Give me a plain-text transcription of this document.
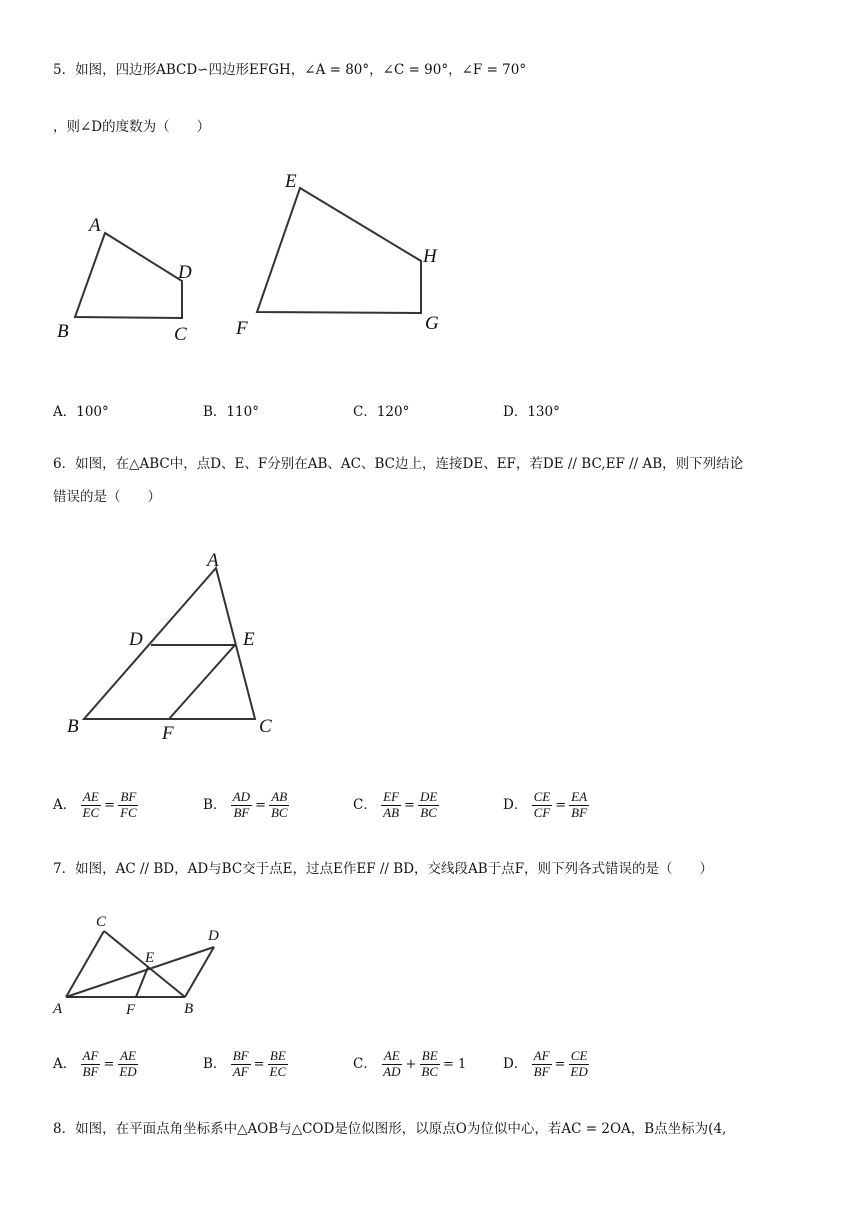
5．如图，四边形ABCD∽四边形EFGH，∠A = 80°，∠C = 90°，∠F = 70°
，则∠D的度数为（　　）
A
D
B	C
E
H
F	G
A．100°	B．110°	C．120°	D．130°
6．如图，在△ABC中，点D、E、F分别在AB、AC、BC边上，连接DE、EF，若DE // BC,EF // AB，则下列结论
错误的是（　　）
A
D	E
B	F	C
A． $\frac{AE}{EC} = \frac{BF}{FC}$	B． $\frac{AD}{BF} = \frac{AB}{BC}$	C． $\frac{EF}{AB} = \frac{DE}{BC}$	D． $\frac{CE}{CF} = \frac{EA}{BF}$
7．如图，AC // BD，AD与BC交于点E，过点E作EF // BD，交线段AB于点F，则下列各式错误的是（　　）
C
D
E
A	F	B
A． $\frac{AF}{BF} = \frac{AE}{ED}$	B． $\frac{BF}{AF} = \frac{BE}{EC}$	C． $\frac{AE}{AD} + \frac{BE}{BC} = 1$	D． $\frac{AF}{BF} = \frac{CE}{ED}$
8．如图，在平面点角坐标系中△AOB与△COD是位似图形，以原点O为位似中心，若AC = 2OA，B点坐标为(4,
